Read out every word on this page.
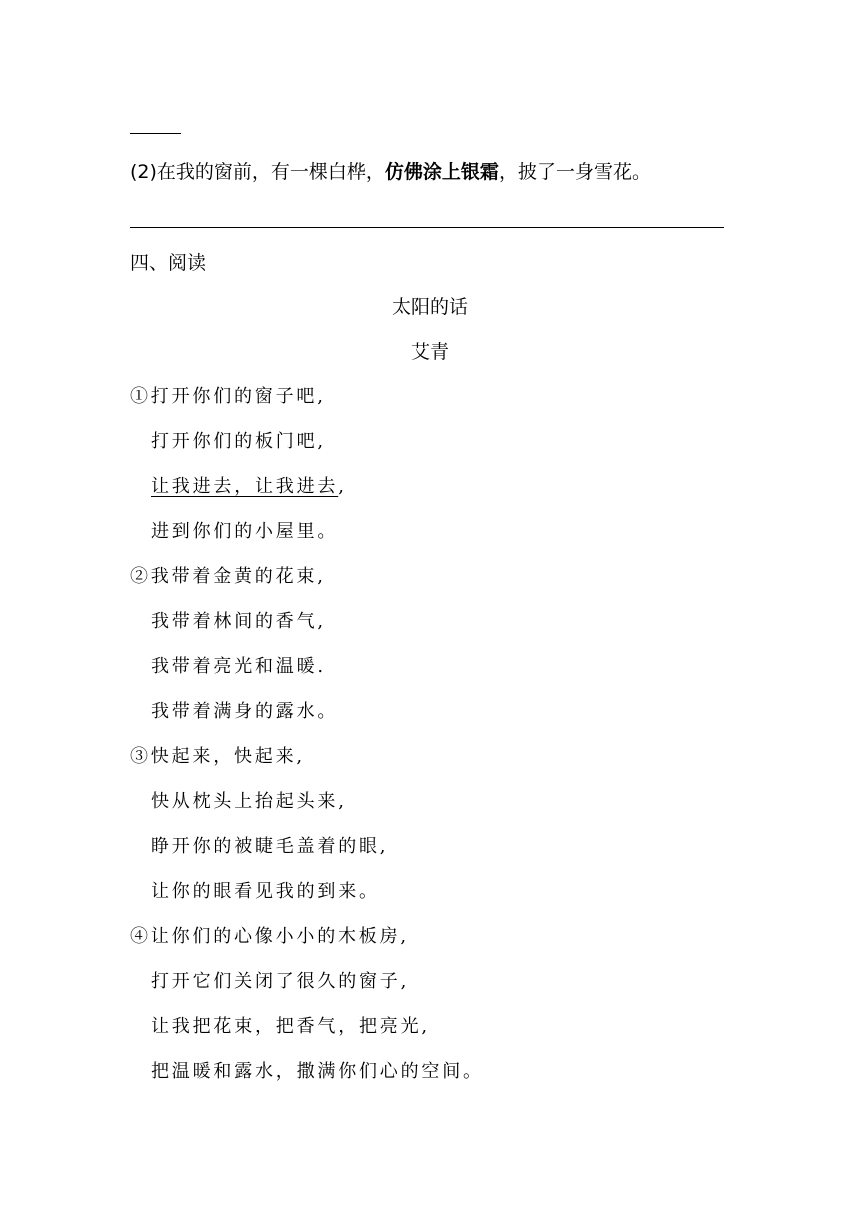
(2)在我的窗前，有一棵白桦，仿佛涂上银霜，披了一身雪花。
四、阅读
太阳的话
艾青
①打开你们的窗子吧,
打开你们的板门吧,
让我进去，让我进去,
进到你们的小屋里。
②我带着金黄的花束,
我带着林间的香气,
我带着亮光和温暖.
我带着满身的露水。
③快起来，快起来,
快从枕头上抬起头来,
睁开你的被睫毛盖着的眼,
让你的眼看见我的到来。
④让你们的心像小小的木板房,
打开它们关闭了很久的窗子,
让我把花束，把香气，把亮光,
把温暖和露水，撒满你们心的空间。
